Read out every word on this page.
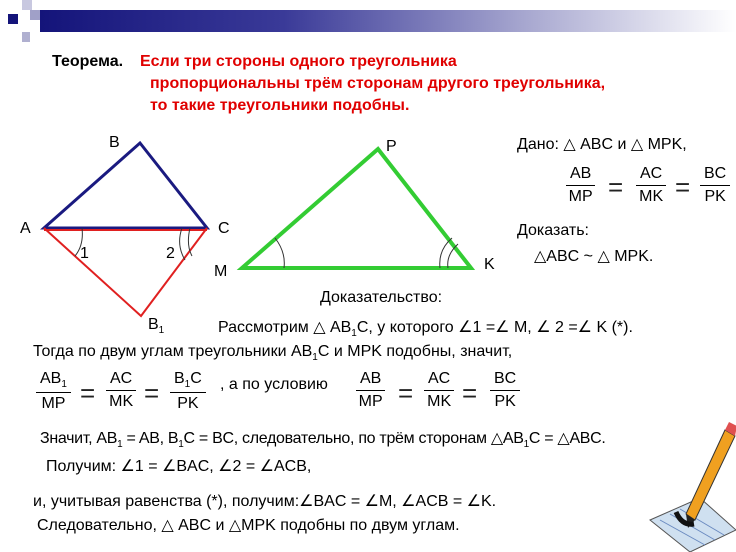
Теорема. Если три стороны одного треугольника
пропорциональны трём сторонам другого треугольника,
то такие треугольники подобны.
B
A	C
1	2
$B_1$
M
P
K
Дано: △ ABC и △ MPK,
$\frac{AB}{MP} = \frac{AC}{MK} = \frac{BC}{PK}$
Доказать:
△ABC ~ △ MPK.
Доказательство:
Рассмотрим △ $AB_1C$, у которого ∠1 =∠ M, ∠ 2 =∠ K (*).
Тогда по двум углам треугольники $AB_1C$ и MPK подобны, значит,
$\frac{AB_1}{MP} = \frac{AC}{MK} = \frac{B_1C}{PK}$ , а по условию $\frac{AB}{MP} = \frac{AC}{MK} = \frac{BC}{PK}$
Значит, $AB_1$ = AB, $B_1C$ = BC, следовательно, по трём сторонам $\triangle AB_1C$ = △ABC.
Получим: ∠1 = ∠BAC, ∠2 = ∠ACB,
и, учитывая равенства (*), получим:∠BAC = ∠M, ∠ACB = ∠K.
Следовательно, △ ABC и △MPK подобны по двум углам.
